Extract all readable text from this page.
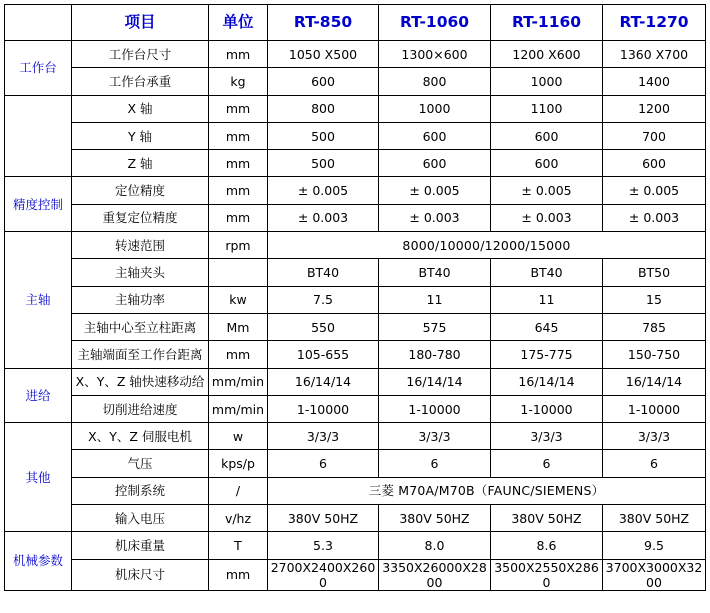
	项目	单位	RT-850	RT-1060	RT-1160	RT-1270
工作台	工作台尺寸	mm	1050 X500	1300×600	1200 X600	1360 X700
	工作台承重	kg	600	800	1000	1400
	X 轴	mm	800	1000	1100	1200
	Y 轴	mm	500	600	600	700
	Z 轴	mm	500	600	600	600
精度控制	定位精度	mm	± 0.005	± 0.005	± 0.005	± 0.005
	重复定位精度	mm	± 0.003	± 0.003	± 0.003	± 0.003
主轴	转速范围	rpm	8000/10000/12000/15000			
	主轴夹头		BT40	BT40	BT40	BT50
	主轴功率	kw	7.5	11	11	15
	主轴中心至立柱距离	Mm	550	575	645	785
	主轴端面至工作台距离	mm	105-655	180-780	175-775	150-750
进给	X、Y、Z 轴快速移动给	mm/min	16/14/14	16/14/14	16/14/14	16/14/14
	切削进给速度	mm/min	1-10000	1-10000	1-10000	1-10000
其他	X、Y、Z 伺服电机	w	3/3/3	3/3/3	3/3/3	3/3/3
	气压	kps/p	6	6	6	6
	控制系统	/	三菱 M70A/M70B（FAUNC/SIEMENS）			
	输入电压	v/hz	380V 50HZ	380V 50HZ	380V 50HZ	380V 50HZ
机械参数	机床重量	T	5.3	8.0	8.6	9.5
	机床尺寸	mm	2700X2400X2600	3350X26000X2800	3500X2550X2860	3700X3000X3200
